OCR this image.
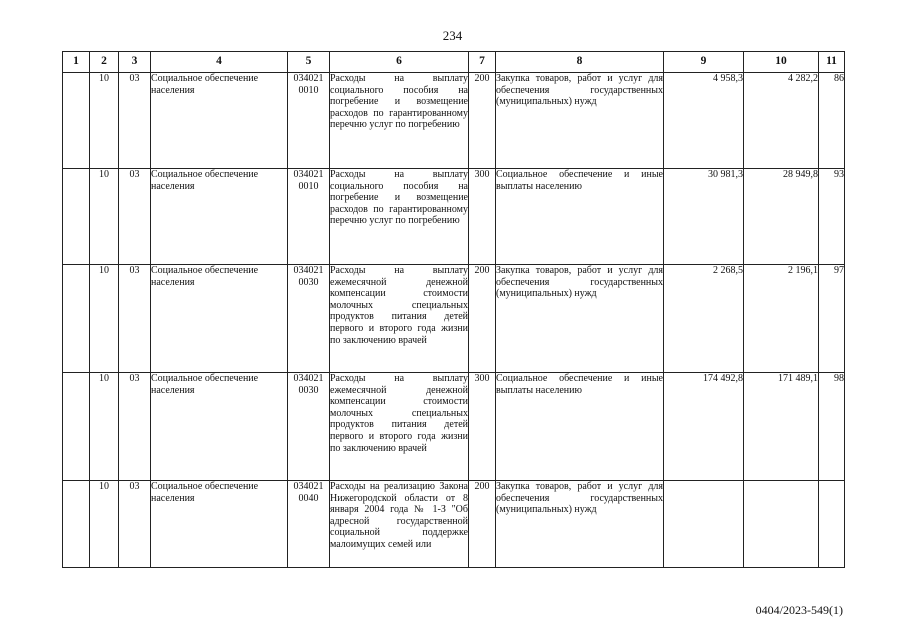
234
1	2	3	4	5	6	7	8	9	10	11
	10	03	Социальное обеспечение населения	034021 0010	Расходы на выплату социального пособия на погребение и возмещение расходов по гарантированному перечню услуг по погребению	200	Закупка товаров, работ и услуг для обеспечения государственных (муниципальных) нужд	4 958,3	4 282,2	86
	10	03	Социальное обеспечение населения	034021 0010	Расходы на выплату социального пособия на погребение и возмещение расходов по гарантированному перечню услуг по погребению	300	Социальное обеспечение и иные выплаты населению	30 981,3	28 949,8	93
	10	03	Социальное обеспечение населения	034021 0030	Расходы на выплату ежемесячной денежной компенсации стоимости молочных специальных продуктов питания детей первого и второго года жизни по заключению врачей	200	Закупка товаров, работ и услуг для обеспечения государственных (муниципальных) нужд	2 268,5	2 196,1	97
	10	03	Социальное обеспечение населения	034021 0030	Расходы на выплату ежемесячной денежной компенсации стоимости молочных специальных продуктов питания детей первого и второго года жизни по заключению врачей	300	Социальное обеспечение и иные выплаты населению	174 492,8	171 489,1	98
	10	03	Социальное обеспечение населения	034021 0040	Расходы на реализацию Закона Нижегородской области от 8 января 2004 года № 1-З "Об адресной государственной социальной поддержке малоимущих семей или	200	Закупка товаров, работ и услуг для обеспечения государственных (муниципальных) нужд			
0404/2023-549(1)
